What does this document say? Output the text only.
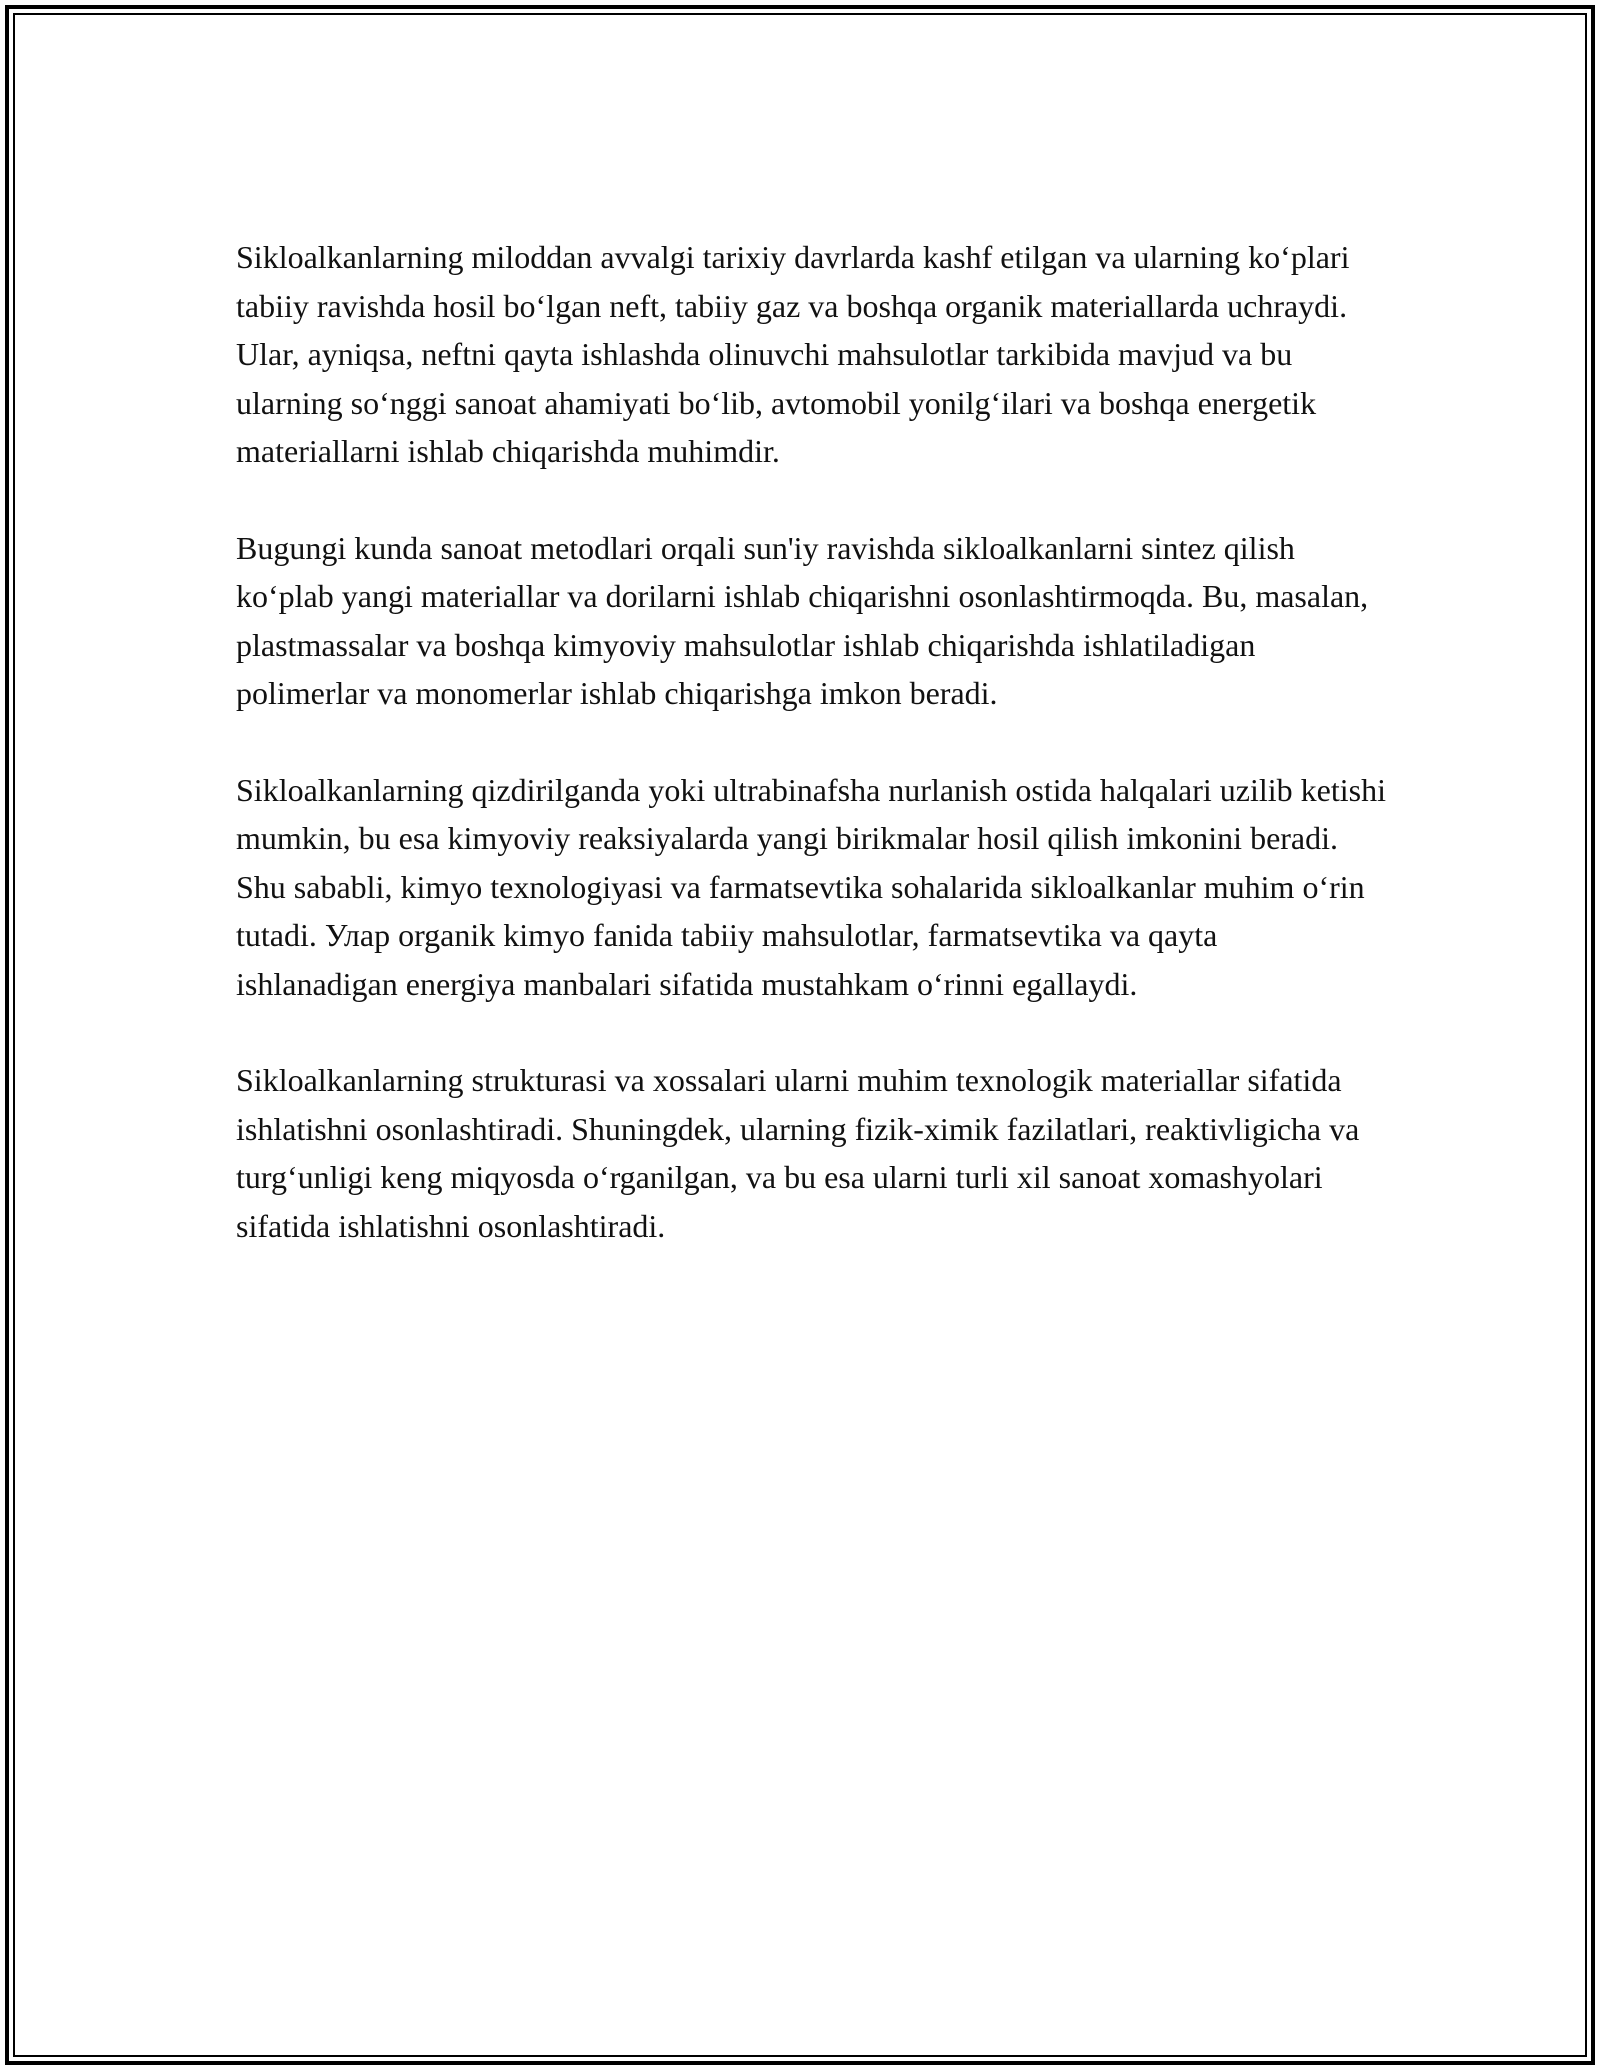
Sikloalkanlarning miloddan avvalgi tarixiy davrlarda kashf etilgan va ularning ko‘plari tabiiy ravishda hosil bo‘lgan neft, tabiiy gaz va boshqa organik materiallarda uchraydi. Ular, ayniqsa, neftni qayta ishlashda olinuvchi mahsulotlar tarkibida mavjud va bu ularning so‘nggi sanoat ahamiyati bo‘lib, avtomobil yonilg‘ilari va boshqa energetik materiallarni ishlab chiqarishda muhimdir.

Bugungi kunda sanoat metodlari orqali sun'iy ravishda sikloalkanlarni sintez qilish ko‘plab yangi materiallar va dorilarni ishlab chiqarishni osonlashtirmoqda. Bu, masalan, plastmassalar va boshqa kimyoviy mahsulotlar ishlab chiqarishda ishlatiladigan polimerlar va monomerlar ishlab chiqarishga imkon beradi.

Sikloalkanlarning qizdirilganda yoki ultrabinafsha nurlanish ostida halqalari uzilib ketishi mumkin, bu esa kimyoviy reaksiyalarda yangi birikmalar hosil qilish imkonini beradi. Shu sababli, kimyo texnologiyasi va farmatsevtika sohalarida sikloalkanlar muhim o‘rin tutadi. Улар organik kimyo fanida tabiiy mahsulotlar, farmatsevtika va qayta ishlanadigan energiya manbalari sifatida mustahkam o‘rinni egallaydi.

Sikloalkanlarning strukturasi va xossalari ularni muhim texnologik materiallar sifatida ishlatishni osonlashtiradi. Shuningdek, ularning fizik-ximik fazilatlari, reaktivligicha va turg‘unligi keng miqyosda o‘rganilgan, va bu esa ularni turli xil sanoat xomashyolari sifatida ishlatishni osonlashtiradi.
